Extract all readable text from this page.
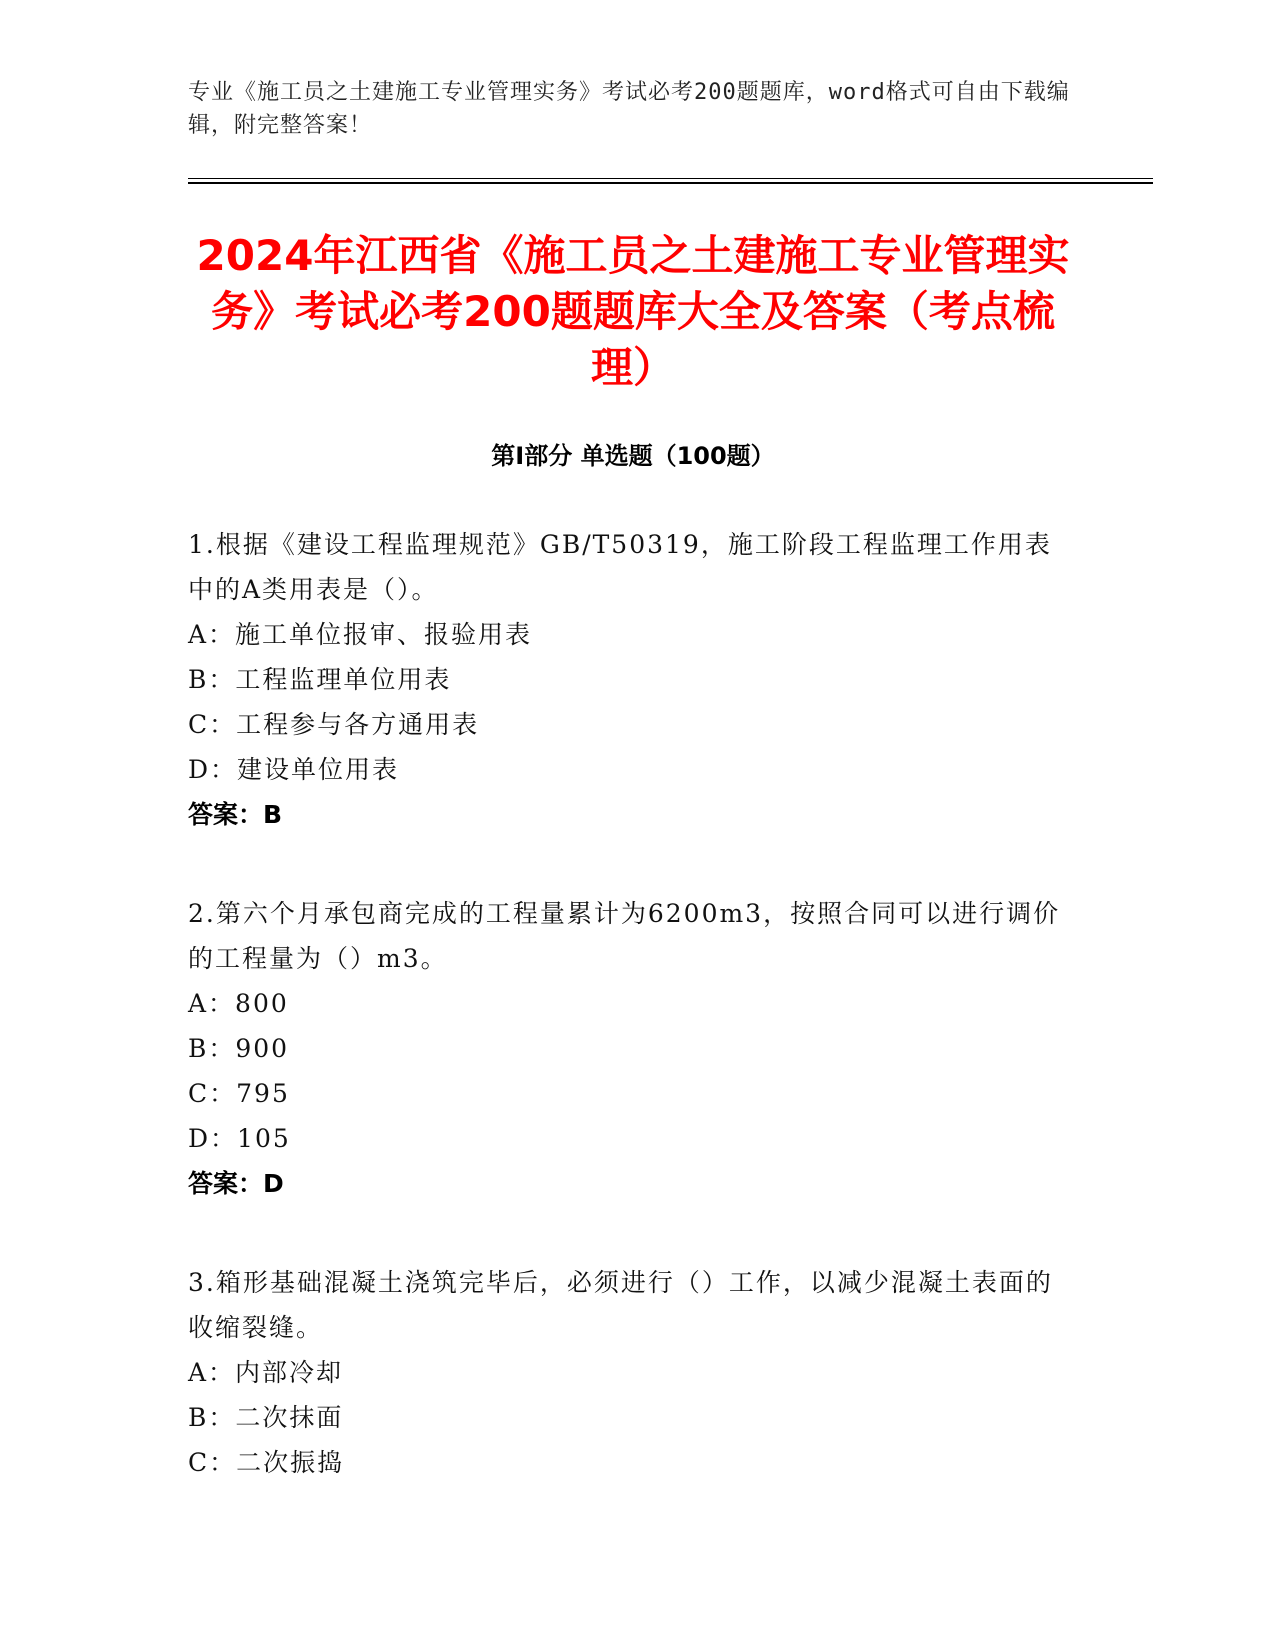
专业《施工员之土建施工专业管理实务》考试必考200题题库，word格式可自由下载编辑，附完整答案！
2024年江西省《施工员之土建施工专业管理实务》考试必考200题题库大全及答案（考点梳理）
第I部分 单选题（100题）

1.根据《建设工程监理规范》GB/T50319，施工阶段工程监理工作用表中的A类用表是（）。

A：施工单位报审、报验用表

B：工程监理单位用表

C：工程参与各方通用表

D：建设单位用表

答案：B

2.第六个月承包商完成的工程量累计为6200m3，按照合同可以进行调价的工程量为（）m3。

A：800

B：900

C：795

D：105

答案：D

3.箱形基础混凝土浇筑完毕后，必须进行（）工作，以减少混凝土表面的收缩裂缝。

A：内部冷却

B：二次抹面

C：二次振捣
